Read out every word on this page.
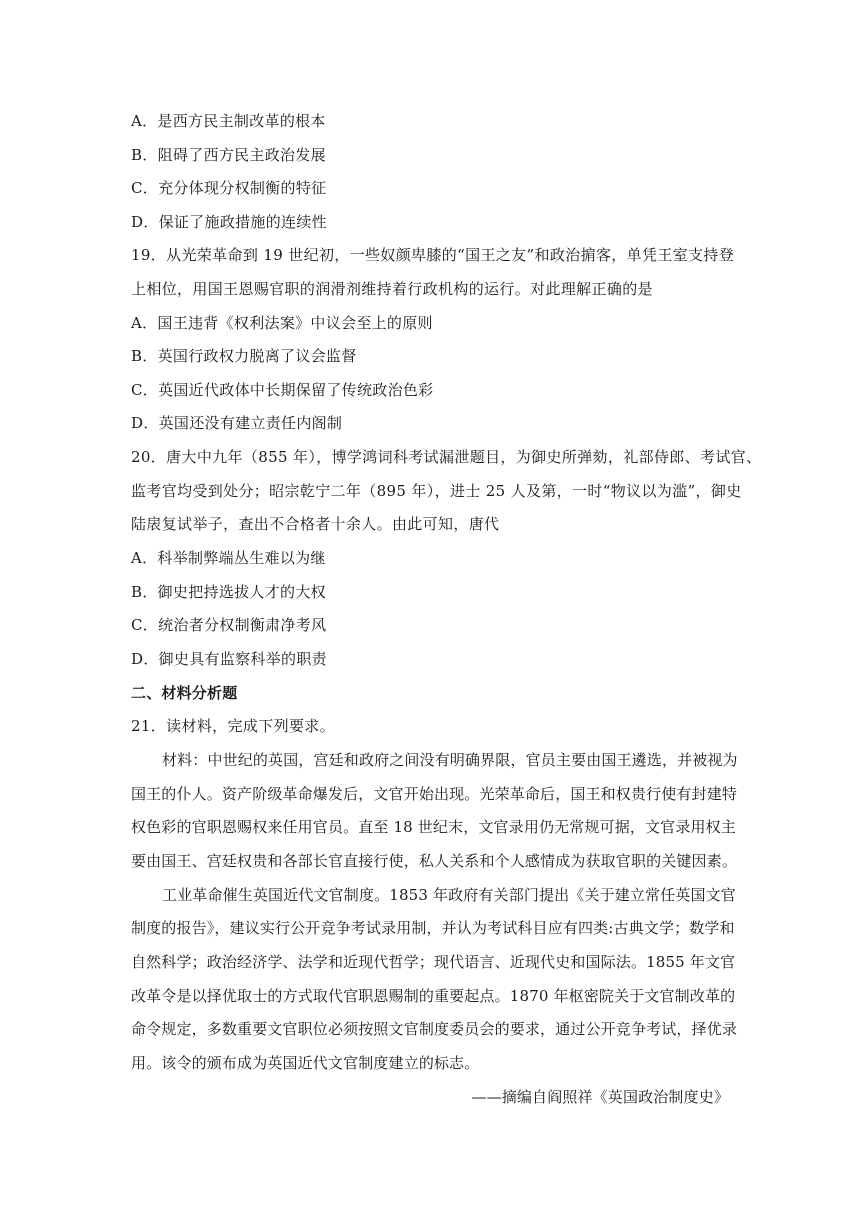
A．是西方民主制改革的根本
B．阻碍了西方民主政治发展
C．充分体现分权制衡的特征
D．保证了施政措施的连续性
19．从光荣革命到 19 世纪初，一些奴颜卑膝的“国王之友”和政治掮客，单凭王室支持登
上相位，用国王恩赐官职的润滑剂维持着行政机构的运行。对此理解正确的是
A．国王违背《权利法案》中议会至上的原则
B．英国行政权力脱离了议会监督
C．英国近代政体中长期保留了传统政治色彩
D．英国还没有建立责任内阁制
20．唐大中九年（855 年），博学鸿词科考试漏泄题目，为御史所弹劾，礼部侍郎、考试官、
监考官均受到处分；昭宗乾宁二年（895 年），进士 25 人及第，一时“物议以为滥”，御史
陆扆复试举子，查出不合格者十余人。由此可知，唐代
A．科举制弊端丛生难以为继
B．御史把持选拔人才的大权
C．统治者分权制衡肃净考风
D．御史具有监察科举的职责
二、材料分析题
21．读材料，完成下列要求。
材料：中世纪的英国，宫廷和政府之间没有明确界限，官员主要由国王遴选，并被视为
国王的仆人。资产阶级革命爆发后，文官开始出现。光荣革命后，国王和权贵行使有封建特
权色彩的官职恩赐权来任用官员。直至 18 世纪末，文官录用仍无常规可据，文官录用权主
要由国王、宫廷权贵和各部长官直接行使，私人关系和个人感情成为获取官职的关键因素。
工业革命催生英国近代文官制度。1853 年政府有关部门提出《关于建立常任英国文官
制度的报告》，建议实行公开竞争考试录用制，并认为考试科目应有四类:古典文学；数学和
自然科学；政治经济学、法学和近现代哲学；现代语言、近现代史和国际法。1855 年文官
改革令是以择优取士的方式取代官职恩赐制的重要起点。1870 年枢密院关于文官制改革的
命令规定，多数重要文官职位必须按照文官制度委员会的要求，通过公开竞争考试，择优录
用。该令的颁布成为英国近代文官制度建立的标志。
——摘编自阎照祥《英国政治制度史》
